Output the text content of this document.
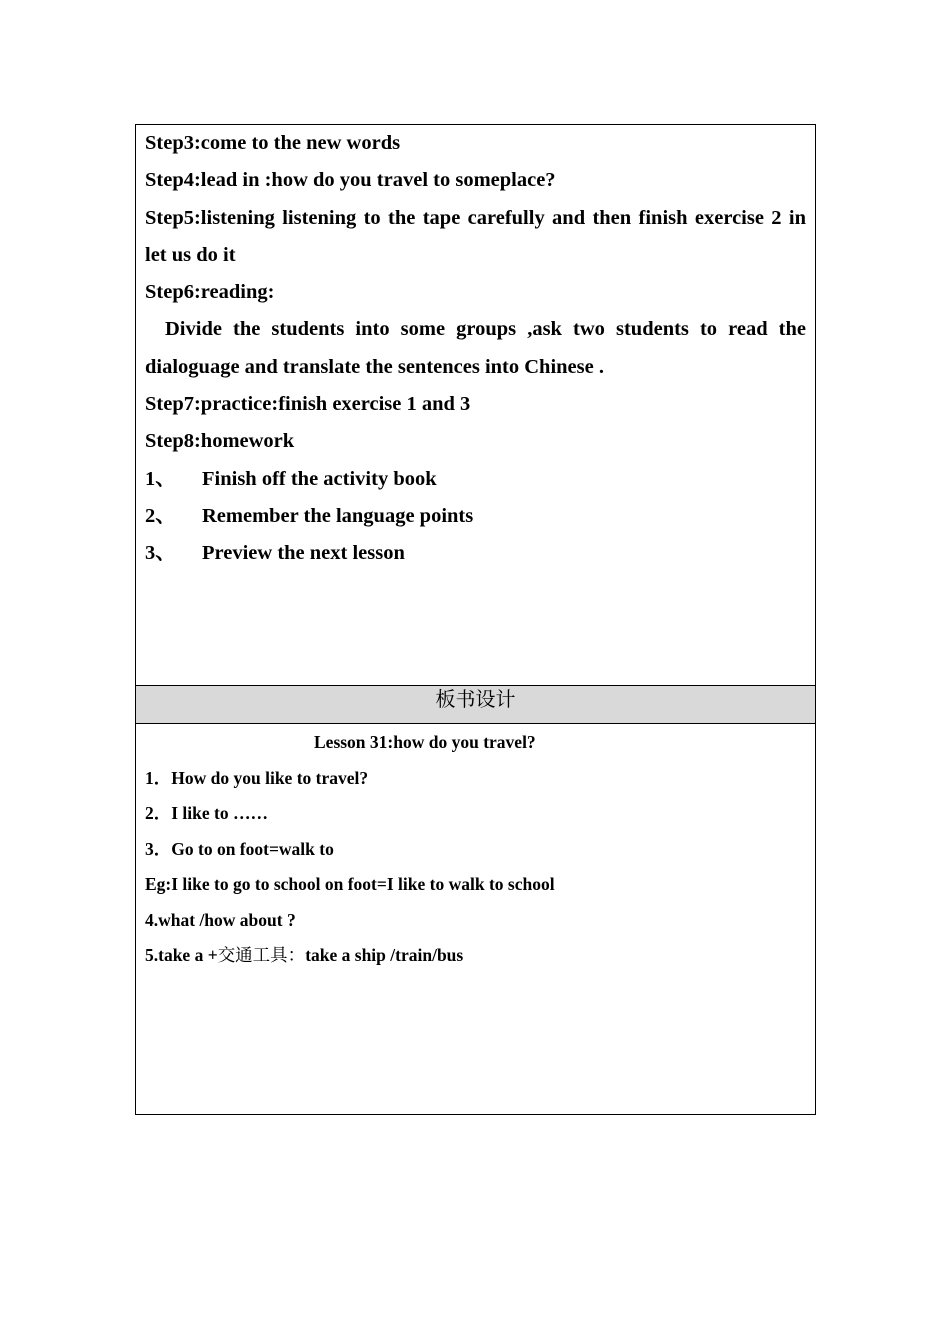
Step3:come to the new words

Step4:lead in :how do you travel to someplace?

Step5:listening listening to the tape carefully and then finish exercise 2 in let us do it

Step6:reading:

Divide the students into some groups ,ask two students to read the dialoguage and translate the sentences into Chinese .

Step7:practice:finish exercise 1 and 3

Step8:homework

1、	Finish off the activity book
2、	Remember the language points
3、	Preview the next lesson
板书设计

Lesson 31:how do you travel?

1．How do you like to travel?

2．I like to ……

3．Go to on foot=walk to

Eg:I like to go to school on foot=I like to walk to school

4.what /how about ?

5.take a +交通工具：take a ship /train/bus
